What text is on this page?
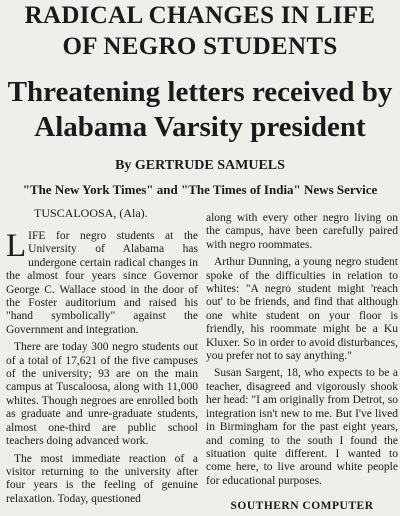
RADICAL CHANGES IN LIFE
OF NEGRO STUDENTS
Threatening letters received by
Alabama Varsity president
By GERTRUDE SAMUELS
"The New York Times" and "The Times of India" News Service
TUSCALOOSA, (Ala).

LIFE for negro students at the University of Alabama has undergone certain radical changes in the almost four years since Governor George C. Wallace stood in the door of the Foster auditorium and raised his "hand symbolically" against the Government and integration.

There are today 300 negro students out of a total of 17,621 of the five campuses of the university; 93 are on the main campus at Tuscaloosa, along with 11,000 whites. Though negroes are enrolled both as graduate and unre-graduate students, almost one-third are public school teachers doing advanced work.

The most immediate reaction of a visitor returning to the university after four years is the feeling of genuine relaxation. Today, questioned

along with every other negro living on the campus, have been carefully paired with negro roommates.

Arthur Dunning, a young negro student spoke of the difficulties in relation to whites: "A negro student might 'reach out' to be friends, and find that although one white student on your floor is friendly, his roommate might be a Ku Kluxer. So in order to avoid disturbances, you prefer not to say anything."

Susan Sargent, 18, who expects to be a teacher, disagreed and vigorously shook her head: "I am originally from Detrot, so integration isn't new to me. But I've lived in Birmingham for the past eight years, and coming to the south I found the situation quite different. I wanted to come here, to live around white people for educational purposes.

SOUTHERN COMPUTER
